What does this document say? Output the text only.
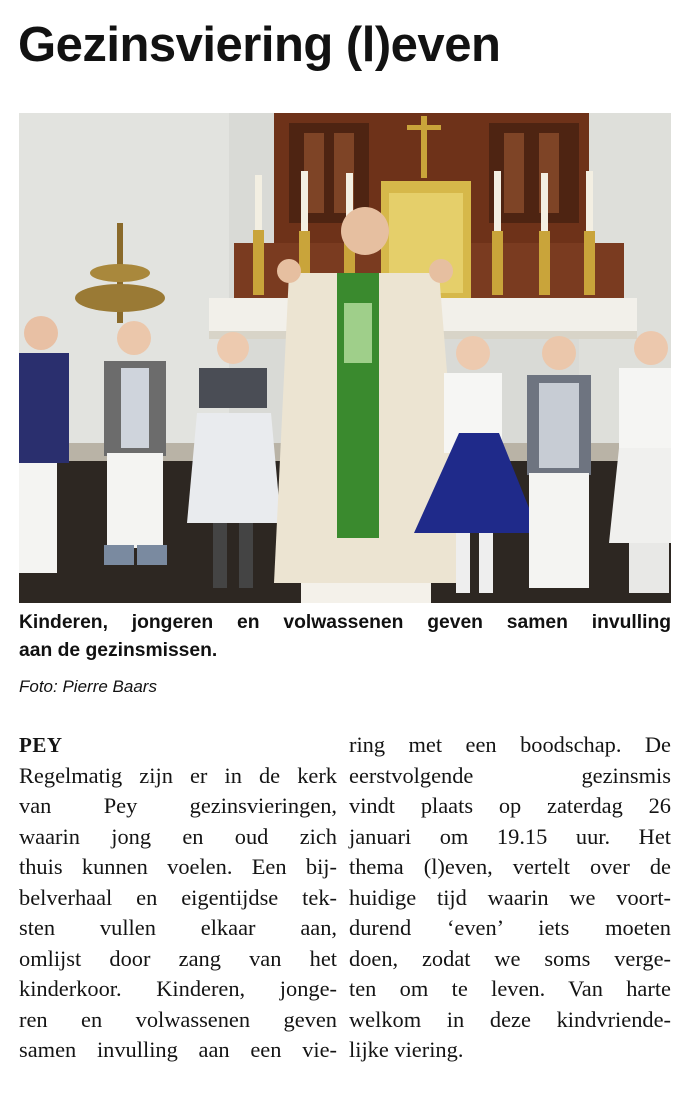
Gezinsviering (l)even

Kinderen, jongeren en volwassenen geven samen invulling
aan de gezinsmissen.

Foto: Pierre Baars

PEY
Regelmatig zijn er in de kerk
van Pey gezinsvieringen,
waarin jong en oud zich
thuis kunnen voelen. Een bij-
belverhaal en eigentijdse tek-
sten vullen elkaar aan,
omlijst door zang van het
kinderkoor. Kinderen, jonge-
ren en volwassenen geven
samen invulling aan een vie-
ring met een boodschap. De
eerstvolgende gezinsmis
vindt plaats op zaterdag 26
januari om 19.15 uur. Het
thema (l)even, vertelt over de
huidige tijd waarin we voort-
durend ‘even’ iets moeten
doen, zodat we soms verge-
ten om te leven. Van harte
welkom in deze kindvriende-
lijke viering.
